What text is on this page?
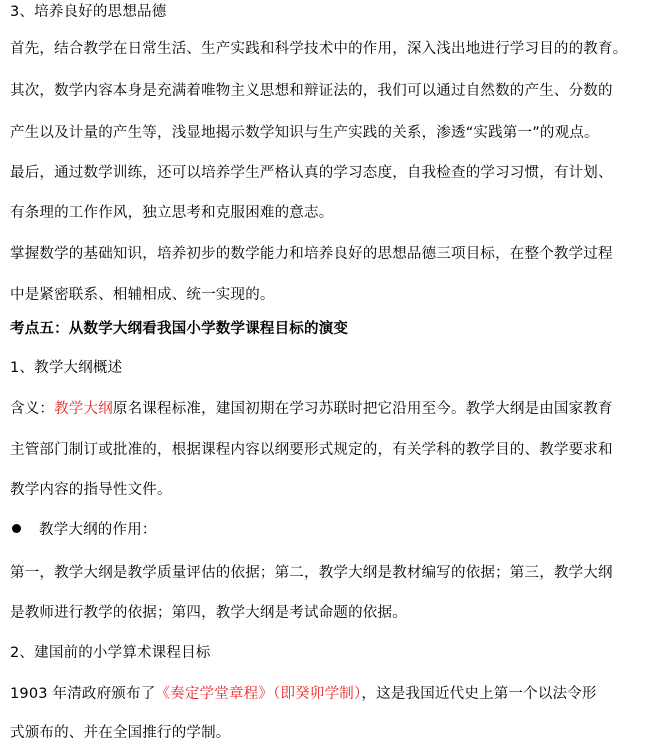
3、培养良好的思想品德
首先，结合教学在日常生活、生产实践和科学技术中的作用，深入浅出地进行学习目的的教育。
其次，数学内容本身是充满着唯物主义思想和辩证法的，我们可以通过自然数的产生、分数的
产生以及计量的产生等，浅显地揭示数学知识与生产实践的关系，渗透“实践第一”的观点。
最后，通过数学训练，还可以培养学生严格认真的学习态度，自我检查的学习习惯，有计划、
有条理的工作作风，独立思考和克服困难的意志。
掌握数学的基础知识，培养初步的数学能力和培养良好的思想品德三项目标，在整个教学过程
中是紧密联系、相辅相成、统一实现的。
考点五：从数学大纲看我国小学数学课程目标的演变
1、教学大纲概述
含义：教学大纲原名课程标准，建国初期在学习苏联时把它沿用至今。教学大纲是由国家教育
主管部门制订或批准的，根据课程内容以纲要形式规定的，有关学科的教学目的、教学要求和
教学内容的指导性文件。
教学大纲的作用：
第一，教学大纲是教学质量评估的依据；第二，教学大纲是教材编写的依据；第三，教学大纲
是教师进行教学的依据；第四，教学大纲是考试命题的依据。
2、建国前的小学算术课程目标
1903 年清政府颁布了《奏定学堂章程》（即癸卯学制），这是我国近代史上第一个以法令形
式颁布的、并在全国推行的学制。
